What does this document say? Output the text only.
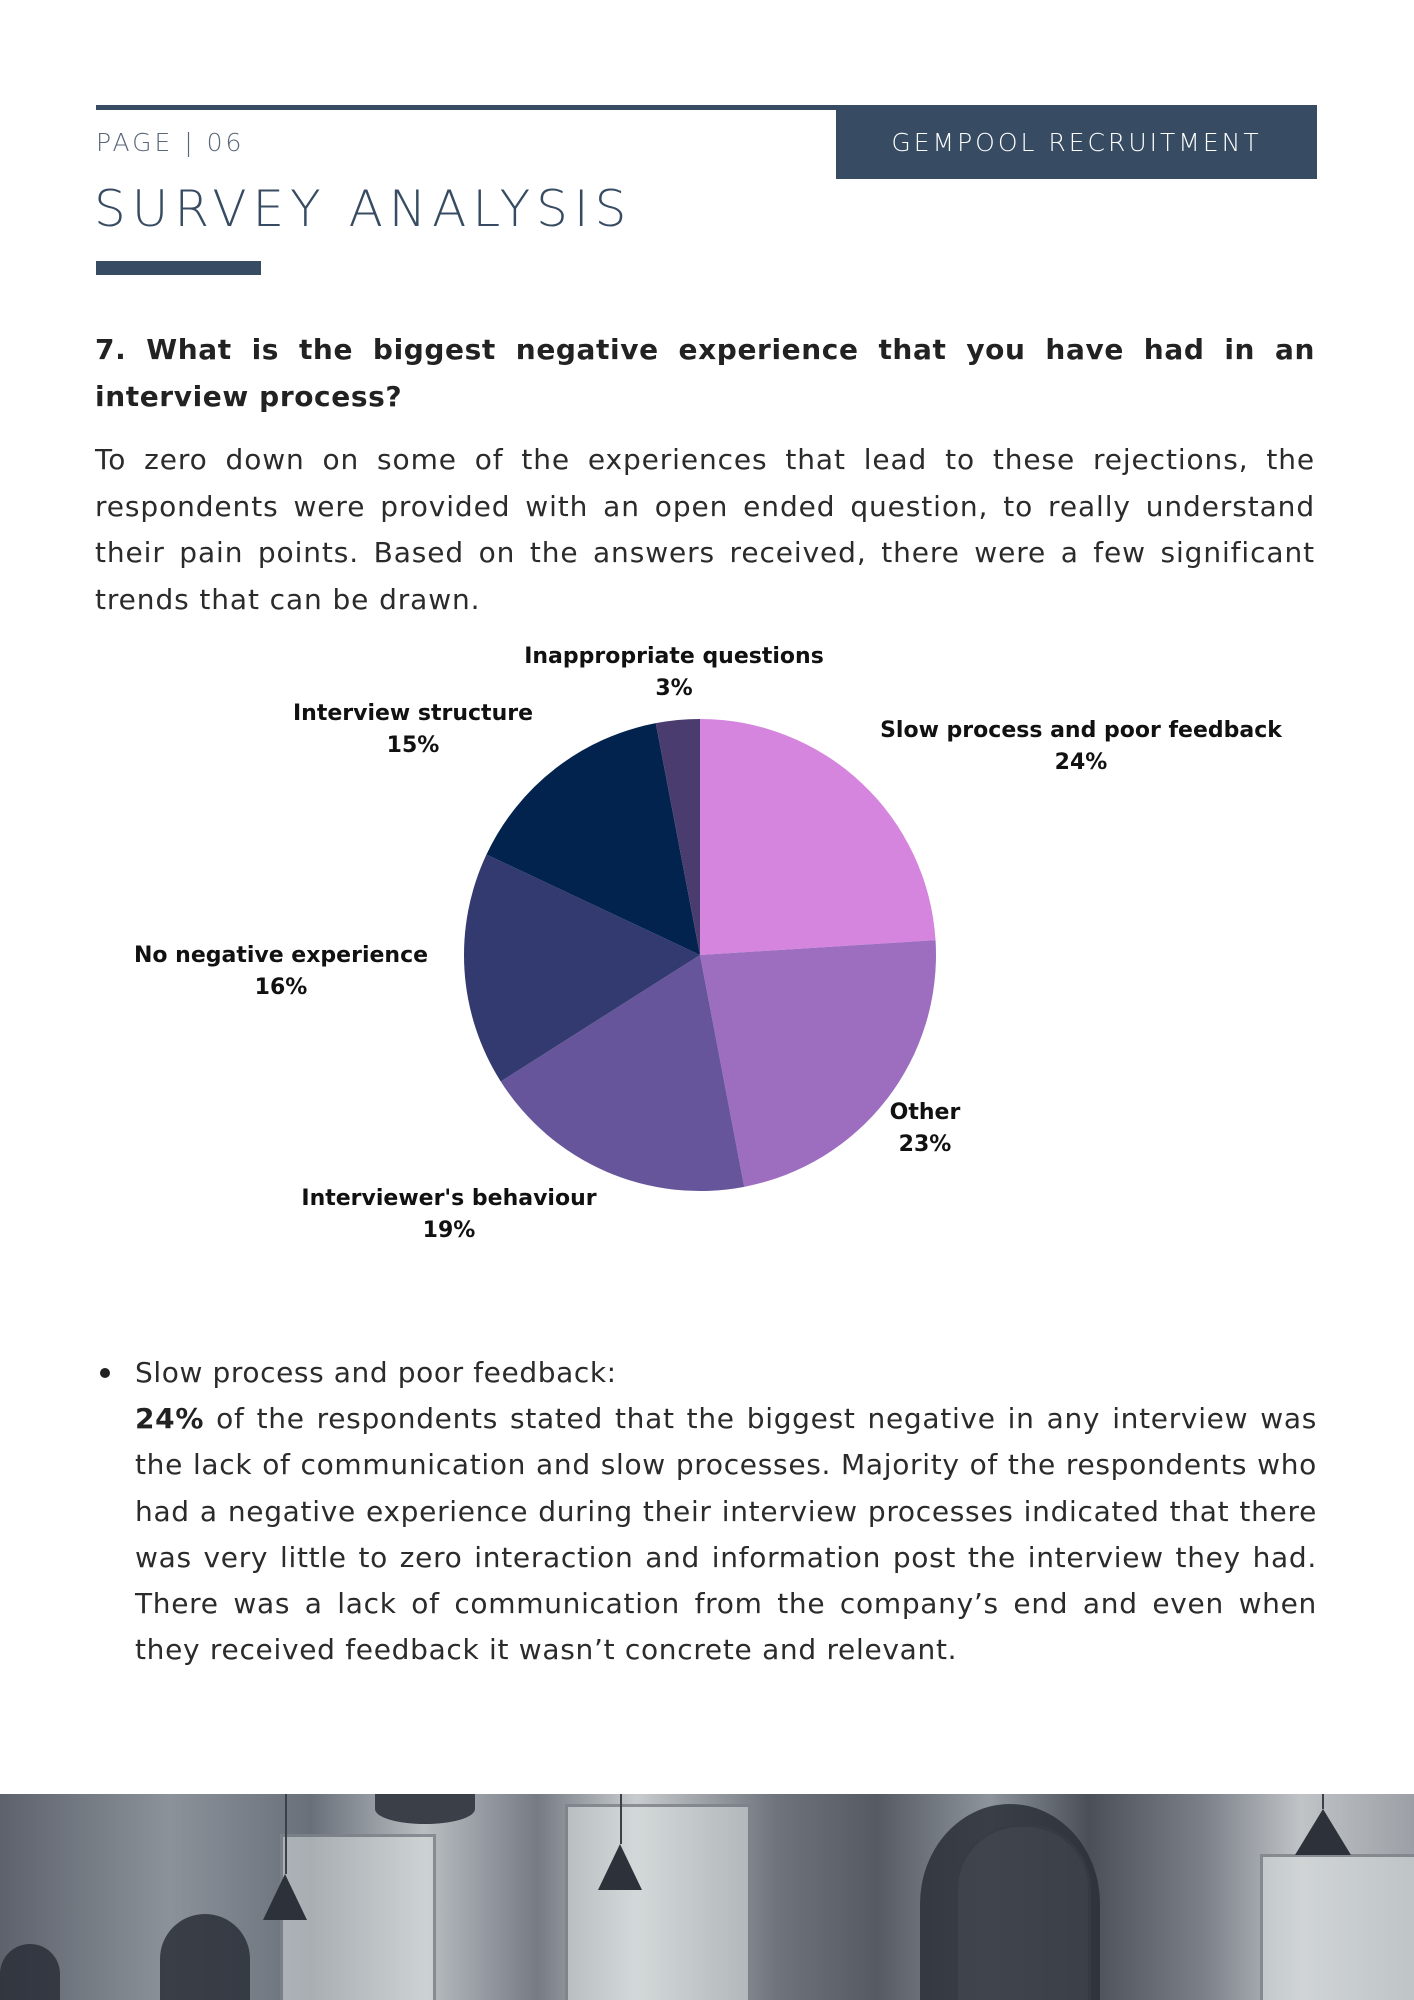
GEMPOOL RECRUITMENT
PAGE | 06
SURVEY ANALYSIS
7. What is the biggest negative experience that you have had in an interview process?

To zero down on some of the experiences that lead to these rejections, the respondents were provided with an open ended question, to really understand their pain points. Based on the answers received, there were a few significant trends that can be drawn.

Slow process and poor feedback
24%
Other
23%
Interviewer's behaviour
19%
No negative experience
16%
Interview structure
15%
Inappropriate questions
3%
Slow process and poor feedback:

24% of the respondents stated that the biggest negative in any interview was the lack of communication and slow processes. Majority of the respondents who had a negative experience during their interview processes indicated that there was very little to zero interaction and information post the interview they had. There was a lack of communication from the company’s end and even when they received feedback it wasn’t concrete and relevant.
